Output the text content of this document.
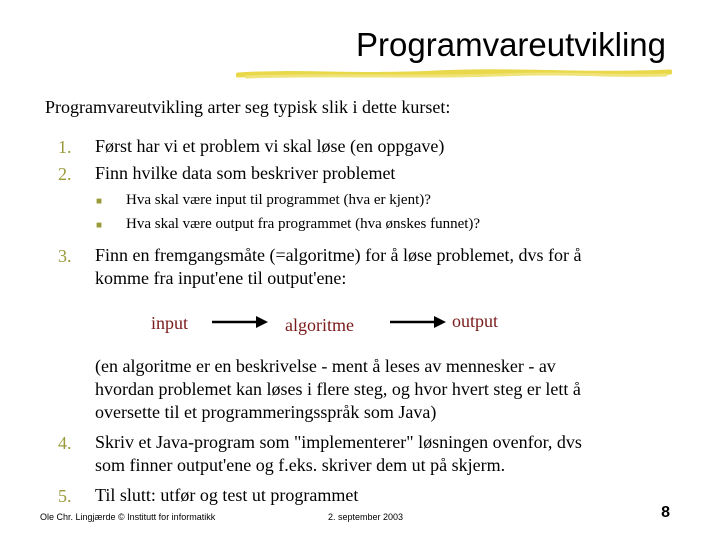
Programvareutvikling
Programvareutvikling arter seg typisk slik i dette kurset:
1. Først har vi et problem vi skal løse (en oppgave)
2. Finn hvilke data som beskriver problemet
■ Hva skal være input til programmet (hva er kjent)?
■ Hva skal være output fra programmet (hva ønskes funnet)?
3. Finn en fremgangsmåte (=algoritme) for å løse problemet, dvs for å
komme fra input'ene til output'ene:
input	algoritme	output
(en algoritme er en beskrivelse - ment å leses av mennesker - av
hvordan problemet kan løses i flere steg, og hvor hvert steg er lett å
oversette til et programmeringsspråk som Java)
4. Skriv et Java-program som "implementerer" løsningen ovenfor, dvs
som finner output'ene og f.eks. skriver dem ut på skjerm.
5. Til slutt: utfør og test ut programmet
Ole Chr. Lingjærde © Institutt for informatikk	2. september 2003	8
